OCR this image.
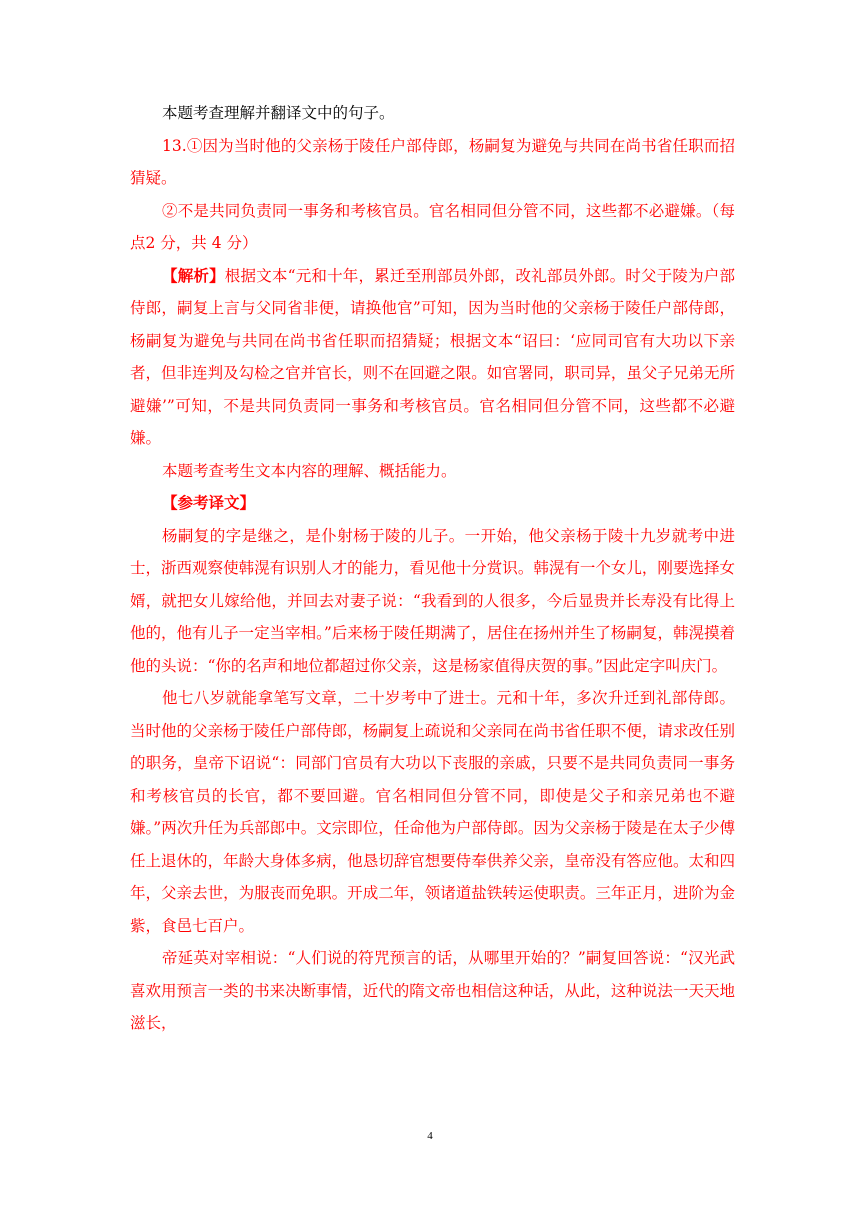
本题考查理解并翻译文中的句子。

13.①因为当时他的父亲杨于陵任户部侍郎，杨嗣复为避免与共同在尚书省任职而招猜疑。

②不是共同负责同一事务和考核官员。官名相同但分管不同，这些都不必避嫌。（每点2 分，共 4 分）

【解析】根据文本“元和十年，累迁至刑部员外郎，改礼部员外郎。时父于陵为户部侍郎，嗣复上言与父同省非便，请换他官”可知，因为当时他的父亲杨于陵任户部侍郎，杨嗣复为避免与共同在尚书省任职而招猜疑；根据文本“诏曰：‘应同司官有大功以下亲者，但非连判及勾检之官并官长，则不在回避之限。如官署同，职司异，虽父子兄弟无所避嫌’”可知，不是共同负责同一事务和考核官员。官名相同但分管不同，这些都不必避嫌。

本题考查考生文本内容的理解、概括能力。

【参考译文】

杨嗣复的字是继之，是仆射杨于陵的儿子。一开始，他父亲杨于陵十九岁就考中进士，浙西观察使韩滉有识别人才的能力，看见他十分赏识。韩滉有一个女儿，刚要选择女婿，就把女儿嫁给他，并回去对妻子说：“我看到的人很多，今后显贵并长寿没有比得上他的，他有儿子一定当宰相。”后来杨于陵任期满了，居住在扬州并生了杨嗣复，韩滉摸着他的头说：“你的名声和地位都超过你父亲，这是杨家值得庆贺的事。”因此定字叫庆门。

他七八岁就能拿笔写文章，二十岁考中了进士。元和十年，多次升迁到礼部侍郎。当时他的父亲杨于陵任户部侍郎，杨嗣复上疏说和父亲同在尚书省任职不便，请求改任别的职务，皇帝下诏说“：同部门官员有大功以下丧服的亲戚，只要不是共同负责同一事务和考核官员的长官，都不要回避。官名相同但分管不同，即使是父子和亲兄弟也不避嫌。”两次升任为兵部郎中。文宗即位，任命他为户部侍郎。因为父亲杨于陵是在太子少傅任上退休的，年龄大身体多病，他恳切辞官想要侍奉供养父亲，皇帝没有答应他。太和四年，父亲去世，为服丧而免职。开成二年，领诸道盐铁转运使职责。三年正月，进阶为金紫，食邑七百户。

帝延英对宰相说：“人们说的符咒预言的话，从哪里开始的？”嗣复回答说：“汉光武喜欢用预言一类的书来决断事情，近代的隋文帝也相信这种话，从此，这种说法一天天地滋长，

4
